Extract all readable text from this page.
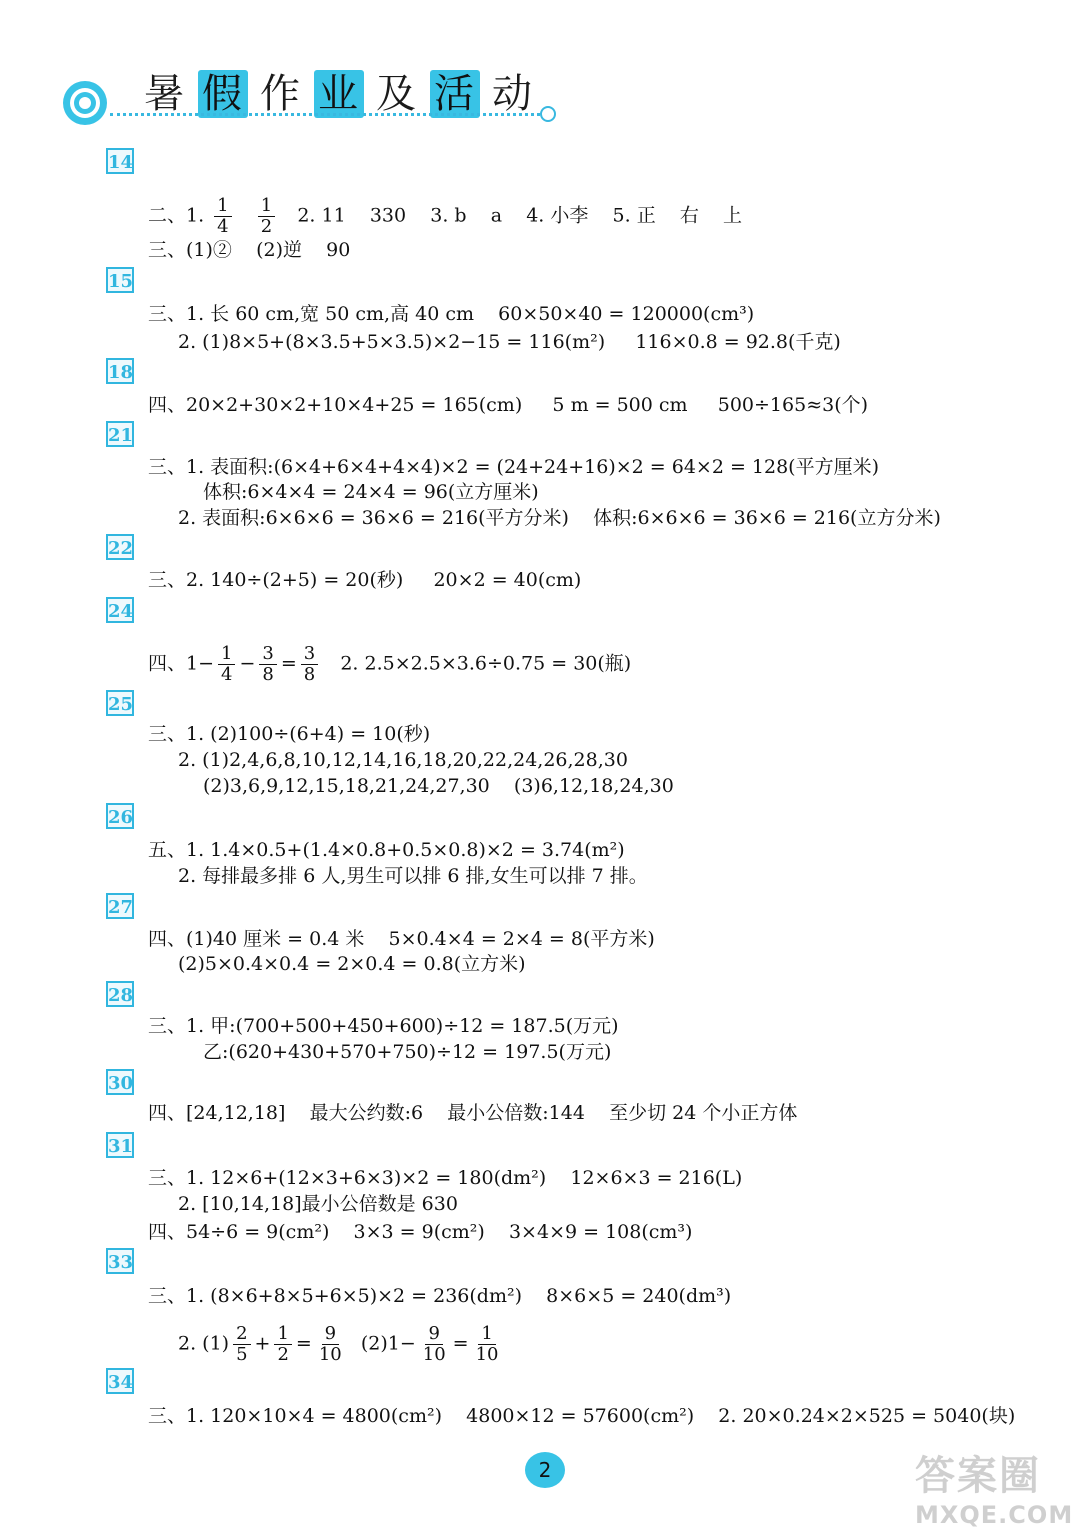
暑 假 作 业 及 活 动
14
二、1. $\frac{1}{4}$
$\frac{1}{2} 2$. 11    330    3. b    a    4. 小李    5. 正    右    上
三、(1)②    (2)逆    90
15
三、1. 长 60 cm,宽 50 cm,高 40 cm    60×50×40 = 120000(cm³)
2. (1)8×5+(8×3.5+5×3.5)×2−15 = 116(m²)     116×0.8 = 92.8(千克)
18
四、20×2+30×2+10×4+25 = 165(cm)     5 m = 500 cm     500÷165≈3(个)
21
三、1. 表面积:(6×4+6×4+4×4)×2 = (24+24+16)×2 = 64×2 = 128(平方厘米)
体积:6×4×4 = 24×4 = 96(立方厘米)
2. 表面积:6×6×6 = 36×6 = 216(平方分米)    体积:6×6×6 = 36×6 = 216(立方分米)
22
三、2. 140÷(2+5) = 20(秒)     20×2 = 40(cm)
24
四、$1- \frac{1}{4} - \frac{3}{8} = \frac{3}{8} 2$. 2.5×2.5×3.6÷0.75 = 30(瓶)
25
三、1. (2)100÷(6+4) = 10(秒)
2. (1)2,4,6,8,10,12,14,16,18,20,22,24,26,28,30
(2)3,6,9,12,15,18,21,24,27,30    (3)6,12,18,24,30
26
五、1. 1.4×0.5+(1.4×0.8+0.5×0.8)×2 = 3.74(m²)
2. 每排最多排 6 人,男生可以排 6 排,女生可以排 7 排。
27
四、(1)40 厘米 = 0.4 米    5×0.4×4 = 2×4 = 8(平方米)
(2)5×0.4×0.4 = 2×0.4 = 0.8(立方米)
28
三、1. 甲:(700+500+450+600)÷12 = 187.5(万元)
乙:(620+430+570+750)÷12 = 197.5(万元)
30
四、[24,12,18]    最大公约数:6    最小公倍数:144    至少切 24 个小正方体
31
三、1. 12×6+(12×3+6×3)×2 = 180(dm²)    12×6×3 = 216(L)
2. [10,14,18]最小公倍数是 630
四、54÷6 = 9(cm²)    3×3 = 9(cm²)    3×4×9 = 108(cm³)
33
三、1. (8×6+8×5+6×5)×2 = 236(dm²)    8×6×5 = 240(dm³)
2. $(1) \frac{2}{5} + \frac{1}{2} = \frac{9}{10} (2)1- \frac{9}{10} = \frac{1}{10}$
34
三、1. 120×10×4 = 4800(cm²)    4800×12 = 57600(cm²)    2. 20×0.24×2×525 = 5040(块)
2	答案圈
MXQE.COM
